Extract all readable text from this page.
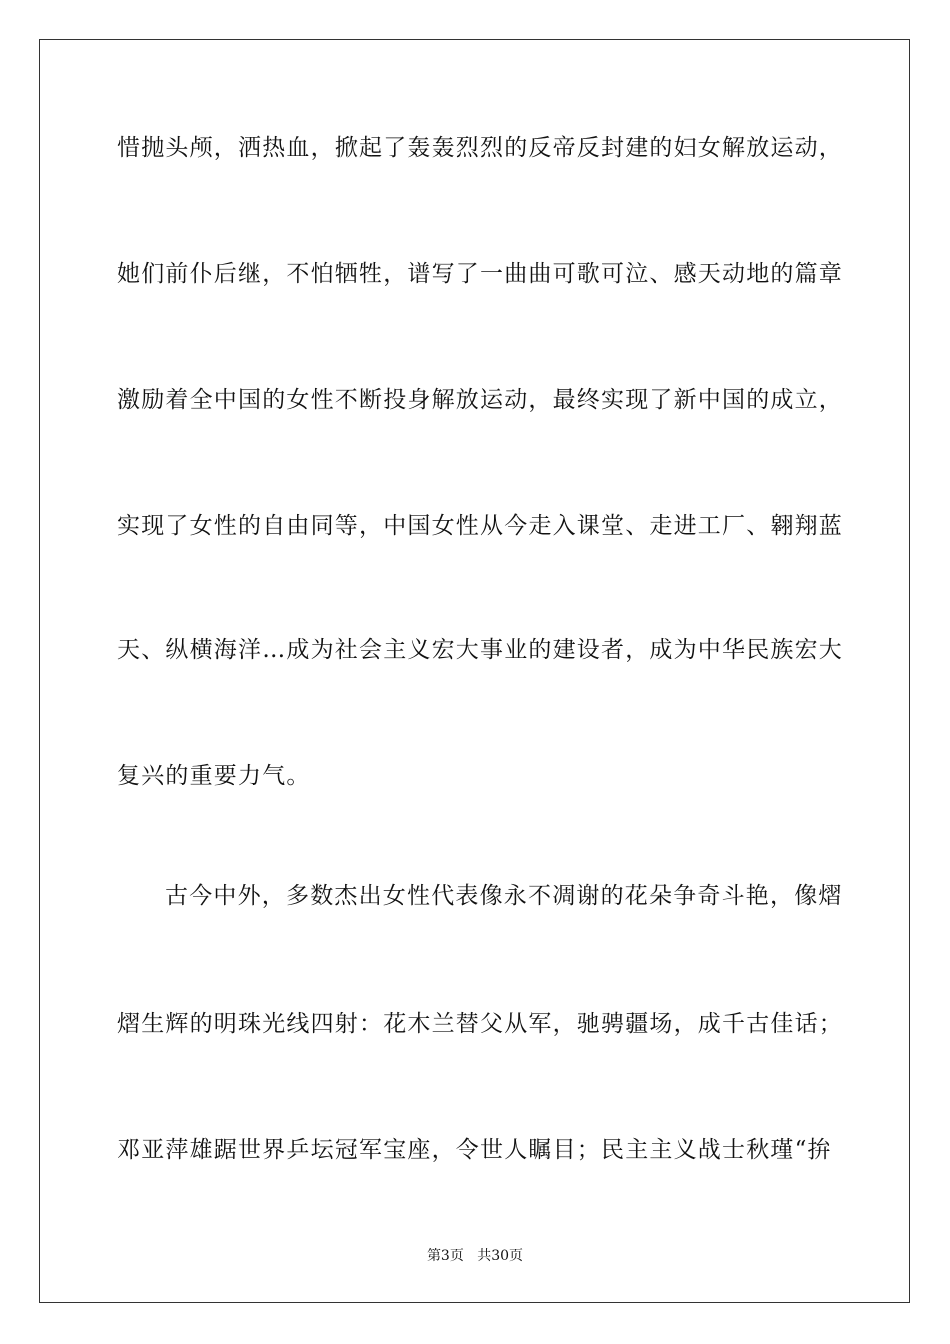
惜抛头颅，洒热血，掀起了轰轰烈烈的反帝反封建的妇女解放运动，
她们前仆后继，不怕牺牲，谱写了一曲曲可歌可泣、感天动地的篇章
激励着全中国的女性不断投身解放运动，最终实现了新中国的成立，
实现了女性的自由同等，中国女性从今走入课堂、走进工厂、翱翔蓝
天、纵横海洋…成为社会主义宏大事业的建设者，成为中华民族宏大
复兴的重要力气。
古今中外，多数杰出女性代表像永不凋谢的花朵争奇斗艳，像熠
熠生辉的明珠光线四射：花木兰替父从军，驰骋疆场，成千古佳话；
邓亚萍雄踞世界乒坛冠军宝座，令世人瞩目；民主主义战士秋瑾“拚
第3页 共30页
